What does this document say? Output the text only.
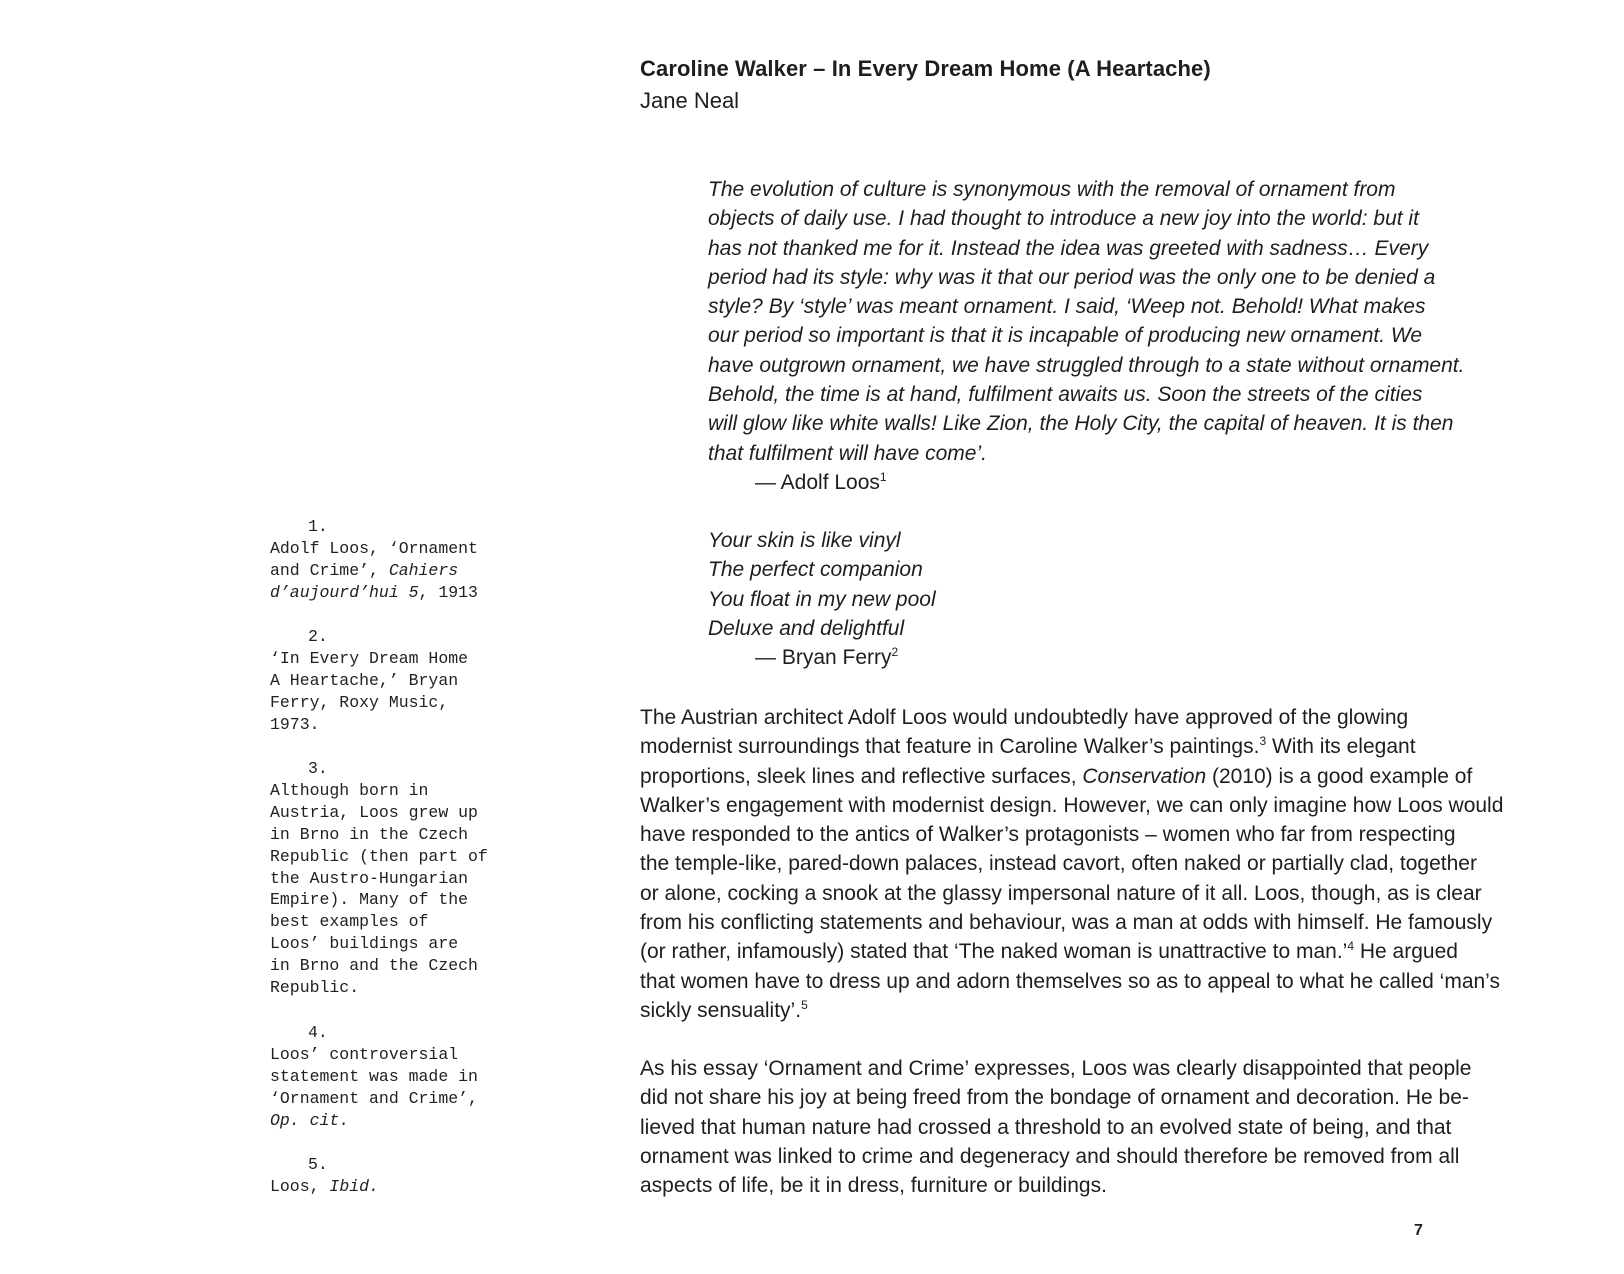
Caroline Walker – In Every Dream Home (A Heartache)
Jane Neal
The evolution of culture is synonymous with the removal of ornament from
objects of daily use. I had thought to introduce a new joy into the world: but it
has not thanked me for it. Instead the idea was greeted with sadness… Every
period had its style: why was it that our period was the only one to be denied a
style? By ‘style’ was meant ornament. I said, ‘Weep not. Behold! What makes
our period so important is that it is incapable of producing new ornament. We
have outgrown ornament, we have struggled through to a state without ornament.
Behold, the time is at hand, fulfilment awaits us. Soon the streets of the cities
will glow like white walls! Like Zion, the Holy City, the capital of heaven. It is then
that fulfilment will have come’.
— Adolf Loos$^1$
Your skin is like vinyl
The perfect companion
You float in my new pool
Deluxe and delightful
— Bryan Ferry$^2$
The Austrian architect Adolf Loos would undoubtedly have approved of the glowing
modernist surroundings that feature in Caroline Walker’s paintings.$^3$ With its elegant
proportions, sleek lines and reflective surfaces, Conservation (2010) is a good example of
Walker’s engagement with modernist design. However, we can only imagine how Loos would
have responded to the antics of Walker’s protagonists – women who far from respecting
the temple-like, pared-down palaces, instead cavort, often naked or partially clad, together
or alone, cocking a snook at the glassy impersonal nature of it all. Loos, though, as is clear
from his conflicting statements and behaviour, was a man at odds with himself. He famously
(or rather, infamously) stated that ‘The naked woman is unattractive to man.’$^4$ He argued
that women have to dress up and adorn themselves so as to appeal to what he called ‘man’s
sickly sensuality’.$^5$
As his essay ‘Ornament and Crime’ expresses, Loos was clearly disappointed that people
did not share his joy at being freed from the bondage of ornament and decoration. He be-
lieved that human nature had crossed a threshold to an evolved state of being, and that
ornament was linked to crime and degeneracy and should therefore be removed from all
aspects of life, be it in dress, furniture or buildings.
1.
Adolf Loos, ‘Ornament
and Crime’, Cahiers
d’aujourd’hui 5, 1913
2.
‘In Every Dream Home
A Heartache,’ Bryan
Ferry, Roxy Music,
1973.
3.
Although born in
Austria, Loos grew up
in Brno in the Czech
Republic (then part of
the Austro-Hungarian
Empire). Many of the
best examples of
Loos’ buildings are
in Brno and the Czech
Republic.
4.
Loos’ controversial
statement was made in
‘Ornament and Crime’,
Op. cit.
5.
Loos, Ibid.
7
